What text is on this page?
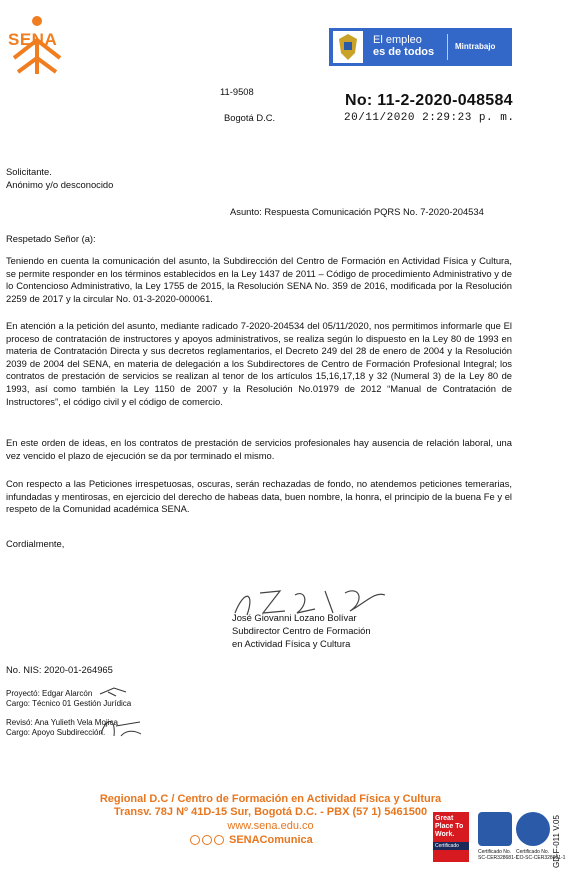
SENA	El empleo
es de todos	Mintrabajo
11-9508
Bogotá D.C.
No: 11-2-2020-048584
20/11/2020 2:29:23 p. m.
Solicitante.
Anónimo y/o desconocido
Asunto: Respuesta Comunicación PQRS No. 7-2020-204534
Respetado Señor (a):
Teniendo en cuenta la comunicación del asunto, la Subdirección del Centro de Formación en Actividad Física y Cultura, se permite responder en los términos establecidos en la Ley 1437 de 2011 – Código de procedimiento Administrativo y de lo Contencioso Administrativo, la Ley 1755 de 2015, la Resolución SENA No. 359 de 2016, modificada por la Resolución 2259 de 2017 y la circular No. 01-3-2020-000061.
En atención a la petición del asunto, mediante radicado 7-2020-204534 del 05/11/2020, nos permitimos informarle que El proceso de contratación de instructores y apoyos administrativos, se realiza según lo dispuesto en la Ley 80 de 1993 en materia de Contratación Directa y sus decretos reglamentarios, el Decreto 249 del 28 de enero de 2004 y la Resolución 2039 de 2004 del SENA, en materia de delegación a los Subdirectores de Centro de Formación Profesional Integral; los contratos de prestación de servicios se realizan al tenor de los artículos 15,16,17,18 y 32 (Numeral 3) de la Ley 80 de 1993, así como también la Ley 1150 de 2007 y la Resolución No.01979 de 2012 “Manual de Contratación de Instructores”, el código civil y el código de comercio.
En este orden de ideas, en los contratos de prestación de servicios profesionales hay ausencia de relación laboral, una vez vencido el plazo de ejecución se da por terminado el mismo.
Con respecto a las Peticiones irrespetuosas, oscuras, serán rechazadas de fondo, no atendemos peticiones temerarias, infundadas y mentirosas, en ejercicio del derecho de habeas data, buen nombre, la honra, el principio de la buena Fe y el respeto de la Comunidad académica SENA.
Cordialmente,
José Giovanni Lozano Bolívar
Subdirector Centro de Formación
en Actividad Física y Cultura
No. NIS: 2020-01-264965
Proyectó: Edgar Alarcón
Cargo: Técnico 01 Gestión Jurídica
Revisó: Ana Yulieth Vela Mojica
Cargo: Apoyo Subdirección.
Regional D.C / Centro de Formación en Actividad Física y Cultura
Transv. 78J Nº 41D-15 Sur, Bogotá D.C. - PBX (57 1) 5461500
www.sena.edu.co
SENAComunica
Great Place To Work.
Certificado
Certificado No.
SC-CER328681-1
Certificado No.
CO-SC-CER328681-1
GD-F-011 V.05
